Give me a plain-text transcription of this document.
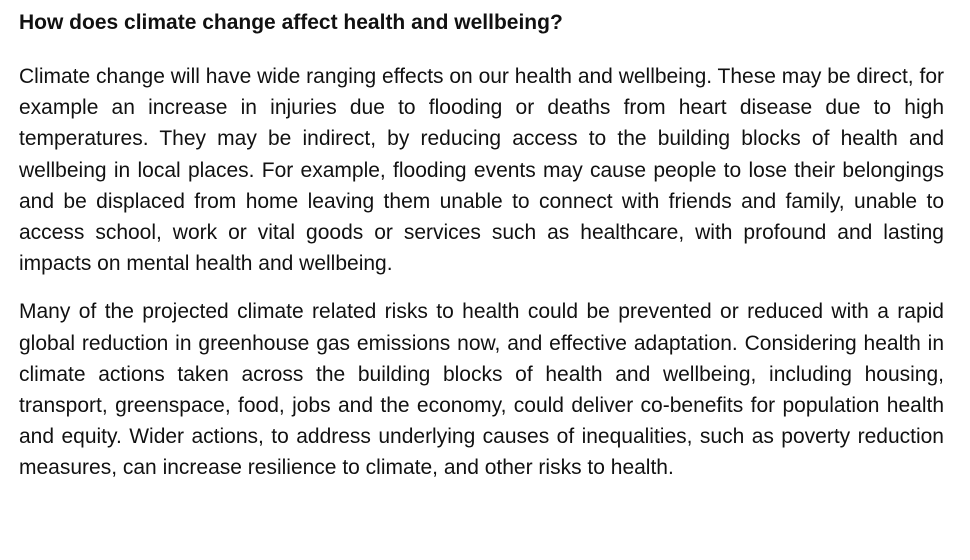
How does climate change affect health and wellbeing?

Climate change will have wide ranging effects on our health and wellbeing. These may be direct, for example an increase in injuries due to flooding or deaths from heart disease due to high temperatures. They may be indirect, by reducing access to the building blocks of health and wellbeing in local places. For example, flooding events may cause people to lose their belongings and be displaced from home leaving them unable to connect with friends and family, unable to access school, work or vital goods or services such as healthcare, with profound and lasting impacts on mental health and wellbeing.

Many of the projected climate related risks to health could be prevented or reduced with a rapid global reduction in greenhouse gas emissions now, and effective adaptation. Considering health in climate actions taken across the building blocks of health and wellbeing, including housing, transport, greenspace, food, jobs and the economy, could deliver co-benefits for population health and equity. Wider actions, to address underlying causes of inequalities, such as poverty reduction measures, can increase resilience to climate, and other risks to health.
